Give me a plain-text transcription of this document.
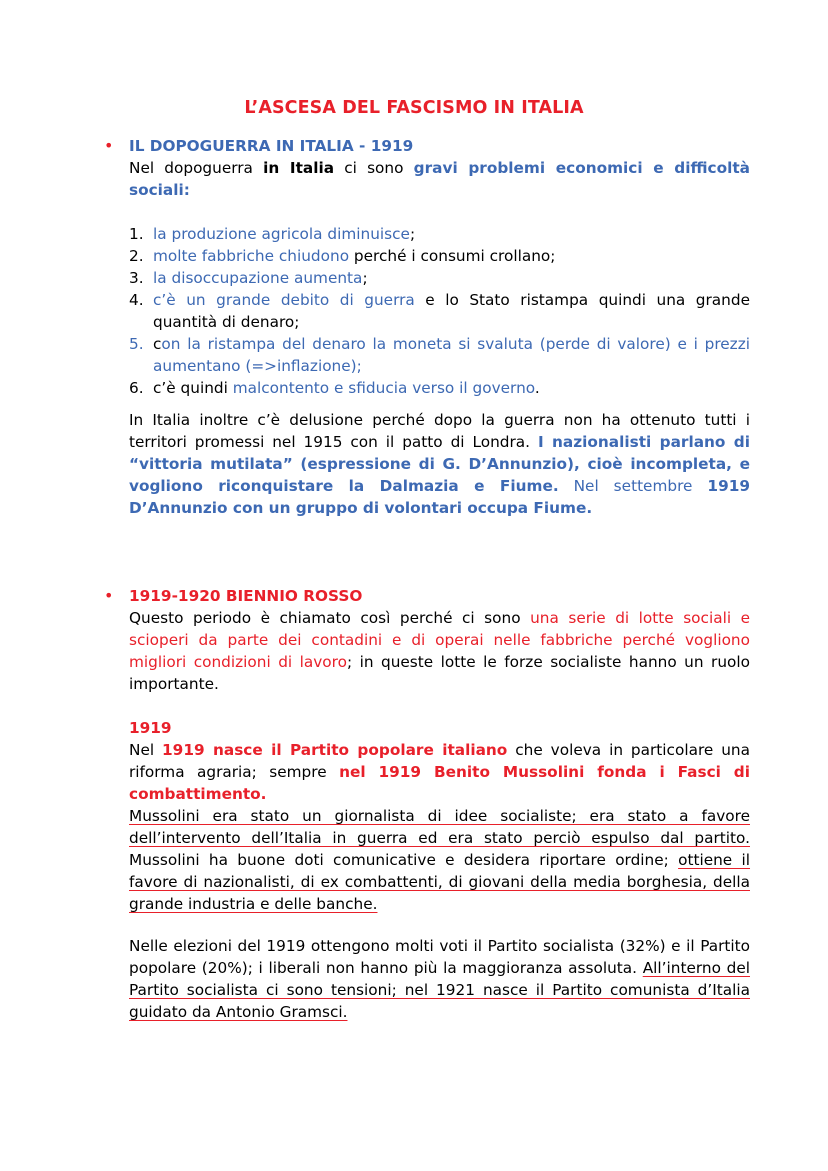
L’ASCESA DEL FASCISMO IN ITALIA
• IL DOPOGUERRA IN ITALIA - 1919
Nel dopoguerra in Italia ci sono gravi problemi economici e difficoltà sociali:
1. la produzione agricola diminuisce;
2. molte fabbriche chiudono perché i consumi crollano;
3. la disoccupazione aumenta;
4. c’è un grande debito di guerra e lo Stato ristampa quindi una grande quantità di denaro;
5. con la ristampa del denaro la moneta si svaluta (perde di valore) e i prezzi aumentano (=>inflazione);
6. c’è quindi malcontento e sfiducia verso il governo.
In Italia inoltre c’è delusione perché dopo la guerra non ha ottenuto tutti i territori promessi nel 1915 con il patto di Londra. I nazionalisti parlano di “vittoria mutilata” (espressione di G. D’Annunzio), cioè incompleta, e vogliono riconquistare la Dalmazia e Fiume. Nel settembre 1919 D’Annunzio con un gruppo di volontari occupa Fiume.
• 1919-1920 BIENNIO ROSSO
Questo periodo è chiamato così perché ci sono una serie di lotte sociali e scioperi da parte dei contadini e di operai nelle fabbriche perché vogliono migliori condizioni di lavoro; in queste lotte le forze socialiste hanno un ruolo importante.
1919
Nel 1919 nasce il Partito popolare italiano che voleva in particolare una riforma agraria; sempre nel 1919 Benito Mussolini fonda i Fasci di combattimento.
Mussolini era stato un giornalista di idee socialiste; era stato a favore dell’intervento dell’Italia in guerra ed era stato perciò espulso dal partito. Mussolini ha buone doti comunicative e desidera riportare ordine; ottiene il favore di nazionalisti, di ex combattenti, di giovani della media borghesia, della grande industria e delle banche.
Nelle elezioni del 1919 ottengono molti voti il Partito socialista (32%) e il Partito popolare (20%); i liberali non hanno più la maggioranza assoluta. All’interno del Partito socialista ci sono tensioni; nel 1921 nasce il Partito comunista d’Italia guidato da Antonio Gramsci.
